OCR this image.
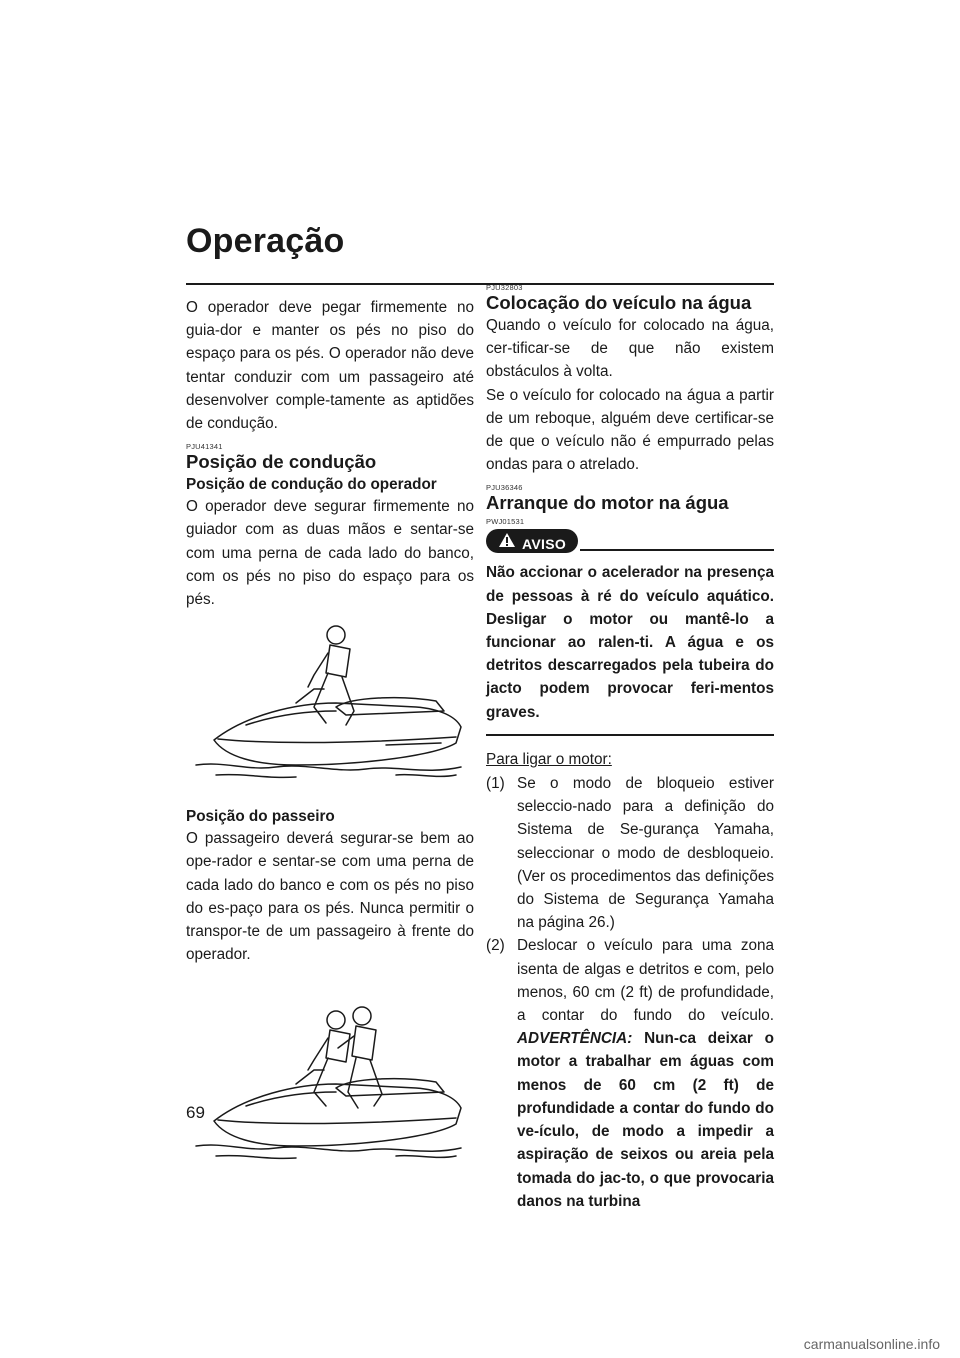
Operação

O operador deve pegar firmemente no guia-dor e manter os pés no piso do espaço para os pés. O operador não deve tentar conduzir com um passageiro até desenvolver comple-tamente as aptidões de condução.

PJU41341
Posição de condução
Posição de condução do operador

O operador deve segurar firmemente no guiador com as duas mãos e sentar-se com uma perna de cada lado do banco, com os pés no piso do espaço para os pés.

Posição do passeiro

O passageiro deverá segurar-se bem ao ope-rador e sentar-se com uma perna de cada lado do banco e com os pés no piso do es-paço para os pés. Nunca permitir o transpor-te de um passageiro à frente do operador.

PJU32803
Colocação do veículo na água

Quando o veículo for colocado na água, cer-tificar-se de que não existem obstáculos à volta.

Se o veículo for colocado na água a partir de um reboque, alguém deve certificar-se de que o veículo não é empurrado pelas ondas para o atrelado.

PJU36346
Arranque do motor na água
PWJ01531
AVISO
Não accionar o acelerador na presença de pessoas à ré do veículo aquático. Desligar o motor ou mantê-lo a funcionar ao ralen-ti. A água e os detritos descarregados pela tubeira do jacto podem provocar feri-mentos graves.
Para ligar o motor:
(1) Se o modo de bloqueio estiver seleccio-nado para a definição do Sistema de Se-gurança Yamaha, seleccionar o modo de desbloqueio. (Ver os procedimentos das definições do Sistema de Segurança Yamaha na página 26.)
(2) Deslocar o veículo para uma zona isenta de algas e detritos e com, pelo menos, 60 cm (2 ft) de profundidade, a contar do fundo do veículo. ADVERTÊNCIA: Nun-ca deixar o motor a trabalhar em águas com menos de 60 cm (2 ft) de profundidade a contar do fundo do ve-ículo, de modo a impedir a aspiração de seixos ou areia pela tomada do jac-to, o que provocaria danos na turbina
69
carmanualsonline.info
